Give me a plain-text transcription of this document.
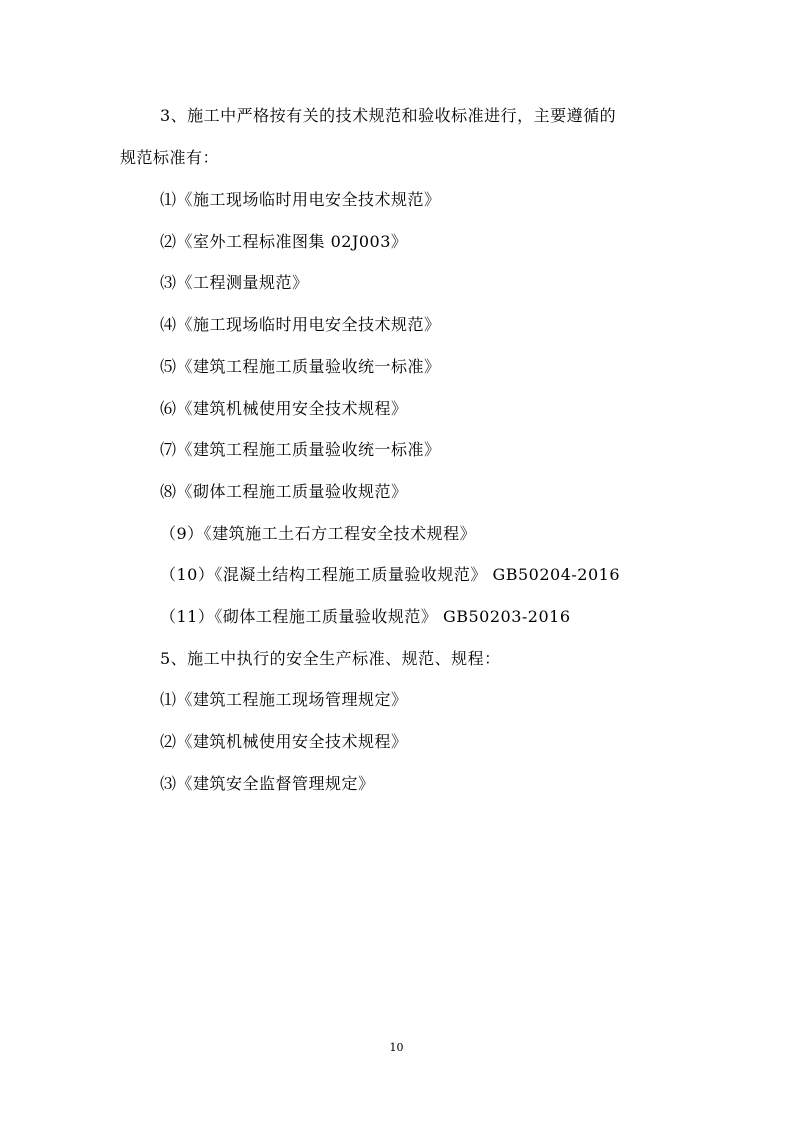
3、施工中严格按有关的技术规范和验收标准进行，主要遵循的
规范标准有：
⑴《施工现场临时用电安全技术规范》
⑵《室外工程标准图集 02J003》
⑶《工程测量规范》
⑷《施工现场临时用电安全技术规范》
⑸《建筑工程施工质量验收统一标准》
⑹《建筑机械使用安全技术规程》
⑺《建筑工程施工质量验收统一标准》
⑻《砌体工程施工质量验收规范》
（9）《建筑施工土石方工程安全技术规程》
（10）《混凝土结构工程施工质量验收规范》 GB50204-2016
（11）《砌体工程施工质量验收规范》 GB50203-2016
5、施工中执行的安全生产标准、规范、规程：
⑴《建筑工程施工现场管理规定》
⑵《建筑机械使用安全技术规程》
⑶《建筑安全监督管理规定》
10
